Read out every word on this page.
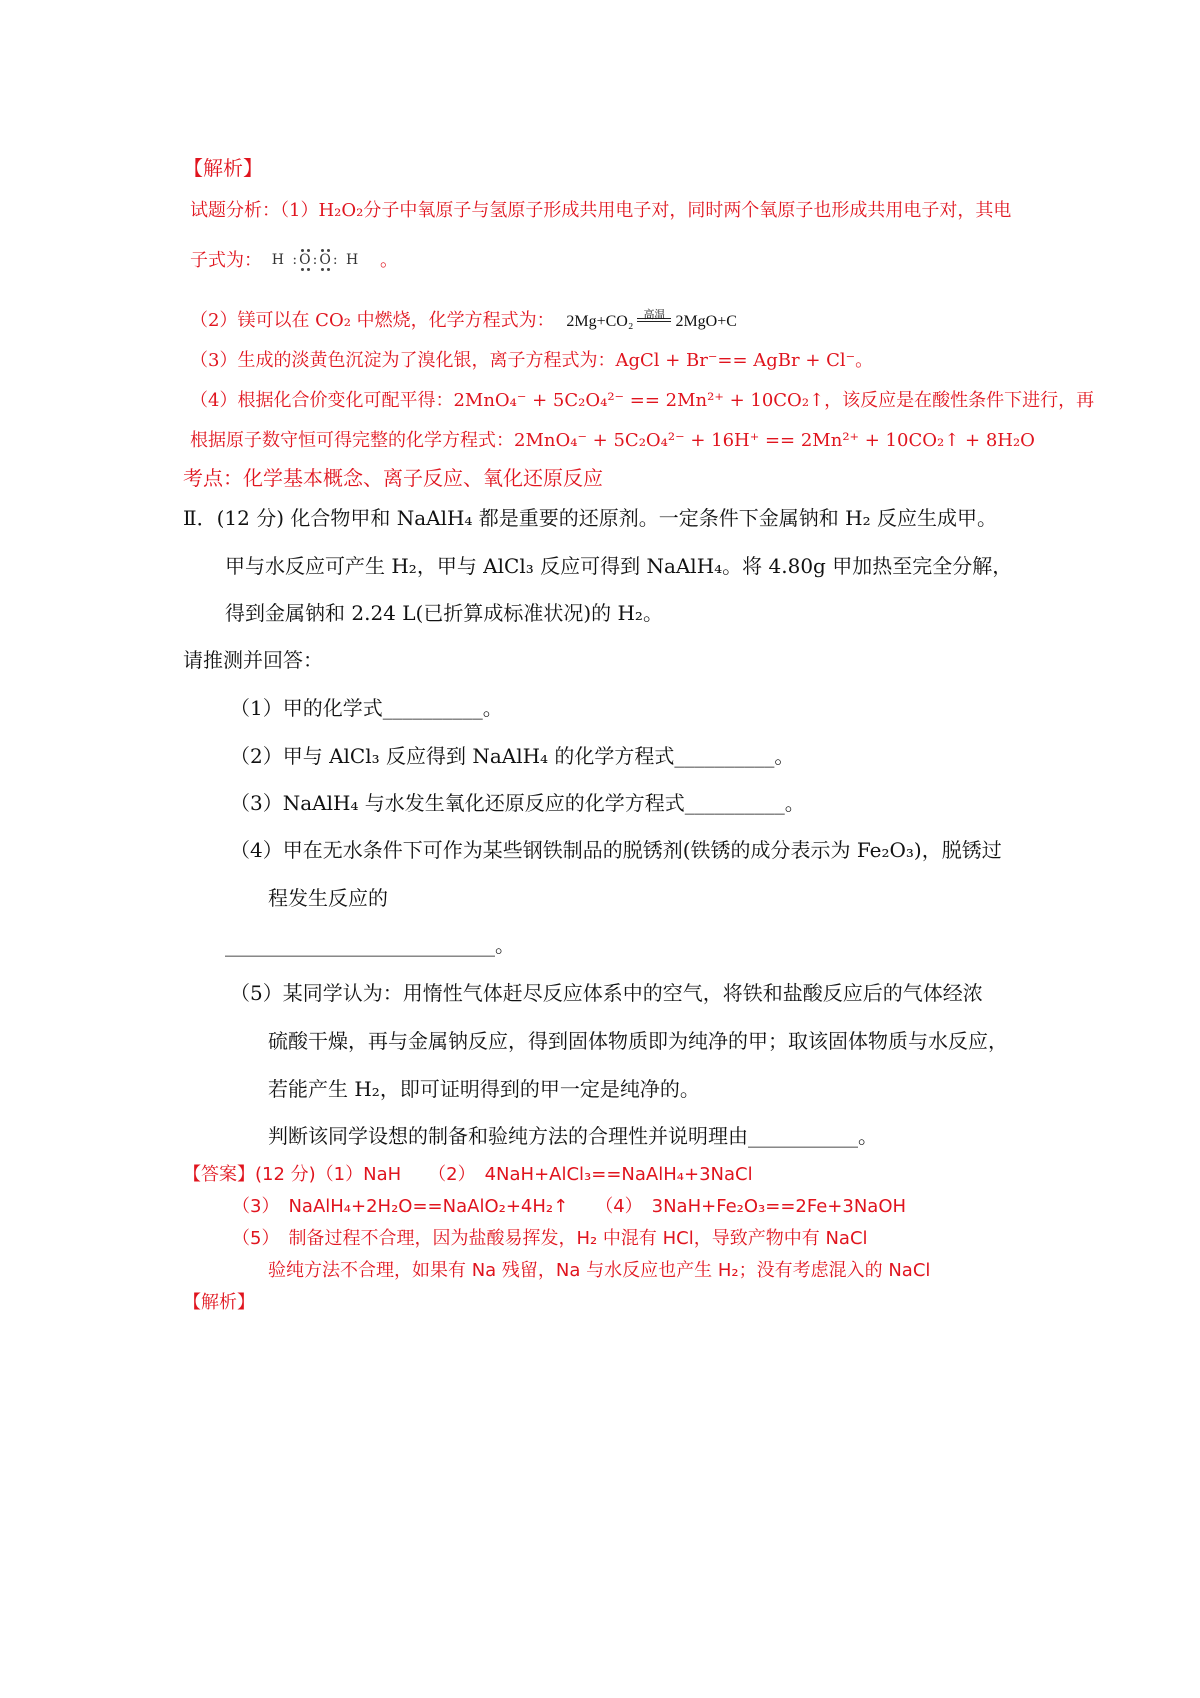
【解析】
试题分析：（1）H₂O₂分子中氧原子与氢原子形成共用电子对，同时两个氧原子也形成共用电子对，其电
子式为： H :O:O: H 。
（2）镁可以在 CO₂ 中燃烧，化学方程式为： 2Mg+CO₂ 高温 2MgO+C
（3）生成的淡黄色沉淀为了溴化银，离子方程式为：AgCl + Br⁻== AgBr + Cl⁻。
（4）根据化合价变化可配平得：2MnO₄⁻ + 5C₂O₄²⁻ == 2Mn²⁺ + 10CO₂↑，该反应是在酸性条件下进行，再
根据原子数守恒可得完整的化学方程式：2MnO₄⁻ + 5C₂O₄²⁻ + 16H⁺ == 2Mn²⁺ + 10CO₂↑ + 8H₂O
考点：化学基本概念、离子反应、氧化还原反应
Ⅱ．(12 分) 化合物甲和 NaAlH₄ 都是重要的还原剂。一定条件下金属钠和 H₂ 反应生成甲。
甲与水反应可产生 H₂，甲与 AlCl₃ 反应可得到 NaAlH₄。将 4.80g 甲加热至完全分解，
得到金属钠和 2.24 L(已折算成标准状况)的 H₂。
请推测并回答：
（1）甲的化学式__________。
（2）甲与 AlCl₃ 反应得到 NaAlH₄ 的化学方程式__________。
（3）NaAlH₄ 与水发生氧化还原反应的化学方程式__________。
（4）甲在无水条件下可作为某些钢铁制品的脱锈剂(铁锈的成分表示为 Fe₂O₃)，脱锈过
程发生反应的
___________________________。
（5）某同学认为：用惰性气体赶尽反应体系中的空气，将铁和盐酸反应后的气体经浓
硫酸干燥，再与金属钠反应，得到固体物质即为纯净的甲；取该固体物质与水反应，
若能产生 H₂，即可证明得到的甲一定是纯净的。
判断该同学设想的制备和验纯方法的合理性并说明理由___________。
【答案】(12 分)（1）NaH　　（2）　4NaH+AlCl₃==NaAlH₄+3NaCl
（3）　NaAlH₄+2H₂O==NaAlO₂+4H₂↑　　（4）　3NaH+Fe₂O₃==2Fe+3NaOH
（5）　制备过程不合理，因为盐酸易挥发，H₂ 中混有 HCl，导致产物中有 NaCl
验纯方法不合理，如果有 Na 残留，Na 与水反应也产生 H₂；没有考虑混入的 NaCl
【解析】
